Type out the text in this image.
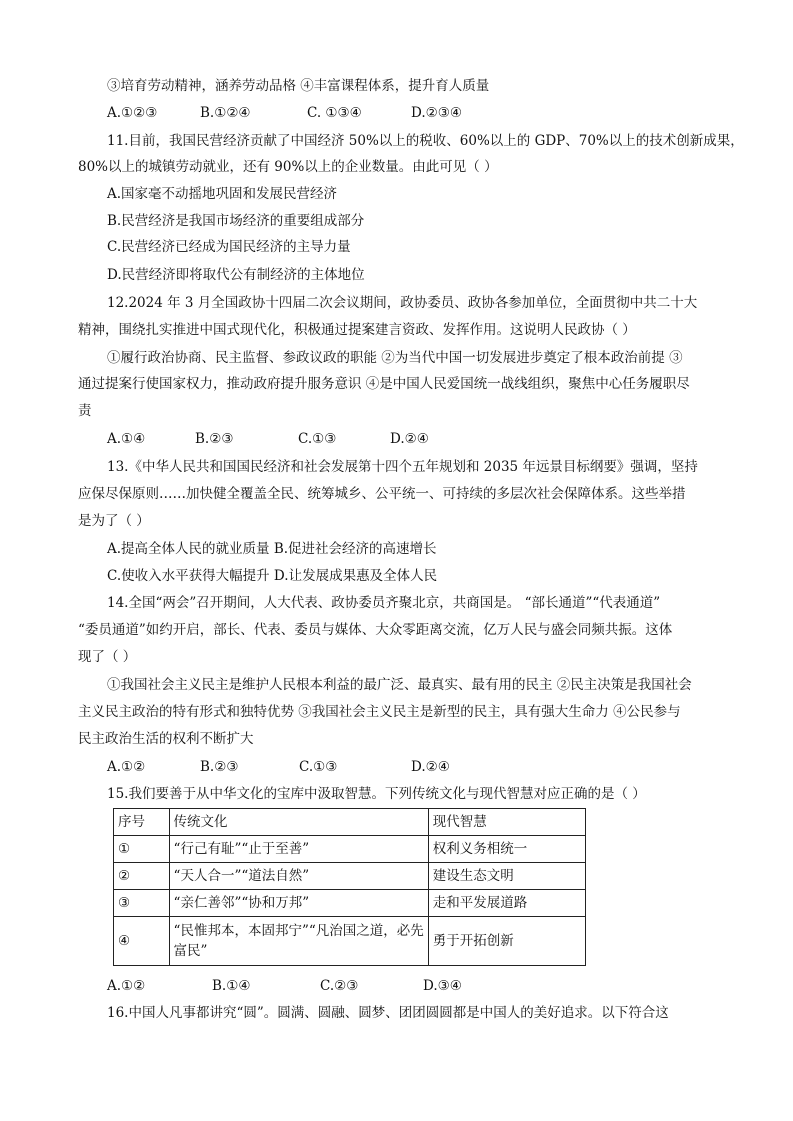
③培育劳动精神，涵养劳动品格 ④丰富课程体系，提升育人质量
A.①②③	B.①②④	C. ①③④	D.②③④
11.目前，我国民营经济贡献了中国经济 50%以上的税收、60%以上的 GDP、70%以上的技术创新成果，
80%以上的城镇劳动就业，还有 90%以上的企业数量。由此可见（ ）
A.国家毫不动摇地巩固和发展民营经济
B.民营经济是我国市场经济的重要组成部分
C.民营经济已经成为国民经济的主导力量
D.民营经济即将取代公有制经济的主体地位
12.2024 年 3 月全国政协十四届二次会议期间，政协委员、政协各参加单位，全面贯彻中共二十大
精神，围绕扎实推进中国式现代化，积极通过提案建言资政、发挥作用。这说明人民政协（ ）
①履行政治协商、民主监督、参政议政的职能 ②为当代中国一切发展进步奠定了根本政治前提 ③
通过提案行使国家权力，推动政府提升服务意识 ④是中国人民爱国统一战线组织，聚焦中心任务履职尽
责
A.①④	B.②③	C.①③	D.②④
13.《中华人民共和国国民经济和社会发展第十四个五年规划和 2035 年远景目标纲要》强调，坚持
应保尽保原则……加快健全覆盖全民、统筹城乡、公平统一、可持续的多层次社会保障体系。这些举措
是为了（ ）
A.提高全体人民的就业质量 B.促进社会经济的高速增长
C.使收入水平获得大幅提升 D.让发展成果惠及全体人民
14.全国“两会”召开期间，人大代表、政协委员齐聚北京，共商国是。 “部长通道”“代表通道”
“委员通道”如约开启，部长、代表、委员与媒体、大众零距离交流，亿万人民与盛会同频共振。这体
现了（ ）
①我国社会主义民主是维护人民根本利益的最广泛、最真实、最有用的民主 ②民主决策是我国社会
主义民主政治的特有形式和独特优势 ③我国社会主义民主是新型的民主，具有强大生命力 ④公民参与
民主政治生活的权利不断扩大
A.①②	B.②③	C.①③	D.②④
15.我们要善于从中华文化的宝库中汲取智慧。下列传统文化与现代智慧对应正确的是（ ）
序号	传统文化	现代智慧
①	“行己有耻”“止于至善”	权利义务相统一
②	“天人合一”“道法自然”	建设生态文明
③	“亲仁善邻”“协和万邦”	走和平发展道路
④	“民惟邦本，本固邦宁”“凡治国之道，必先富民”	勇于开拓创新
A.①②	B.①④	C.②③	D.③④
16.中国人凡事都讲究“圆”。圆满、圆融、圆梦、团团圆圆都是中国人的美好追求。以下符合这
